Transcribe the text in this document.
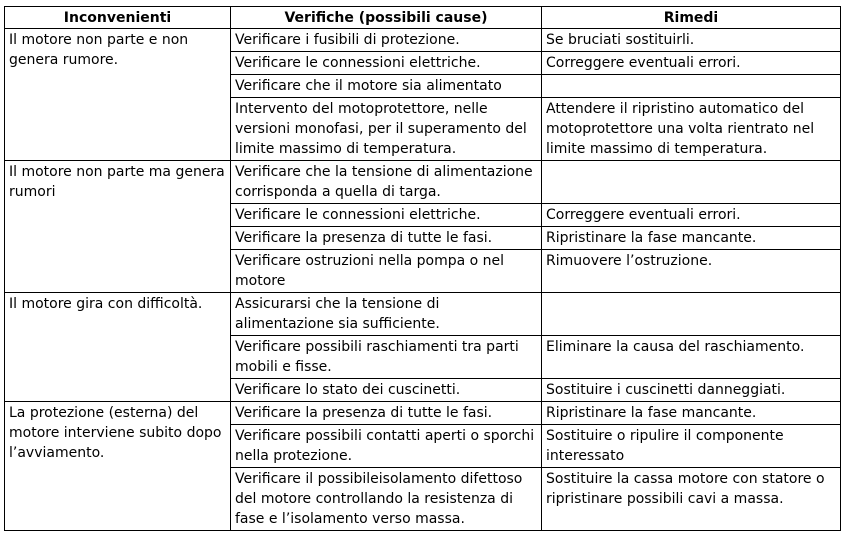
Inconvenienti	Verifiche (possibili cause)	Rimedi
Il motore non parte e non genera rumore.	Verificare i fusibili di protezione.	Se bruciati sostituirli.
	Verificare le connessioni elettriche.	Correggere eventuali errori.
	Verificare che il motore sia alimentato	
	Intervento del motoprotettore, nelle versioni monofasi, per il superamento del limite massimo di temperatura.	Attendere il ripristino automatico del motoprotettore una volta rientrato nel limite massimo di temperatura.
Il motore non parte ma genera rumori	Verificare che la tensione di alimentazione corrisponda a quella di targa.	
	Verificare le connessioni elettriche.	Correggere eventuali errori.
	Verificare la presenza di tutte le fasi.	Ripristinare la fase mancante.
	Verificare ostruzioni nella pompa o nel motore	Rimuovere l’ostruzione.
Il motore gira con difficoltà.	Assicurarsi che la tensione di alimentazione sia sufficiente.	
	Verificare possibili raschiamenti tra parti mobili e fisse.	Eliminare la causa del raschiamento.
	Verificare lo stato dei cuscinetti.	Sostituire i cuscinetti danneggiati.
La protezione (esterna) del motore interviene subito dopo l’avviamento.	Verificare la presenza di tutte le fasi.	Ripristinare la fase mancante.
	Verificare possibili contatti aperti o sporchi nella protezione.	Sostituire o ripulire il componente interessato
	Verificare il possibileisolamento difettoso del motore controllando la resistenza di fase e l’isolamento verso massa.	Sostituire la cassa motore con statore o ripristinare possibili cavi a massa.
